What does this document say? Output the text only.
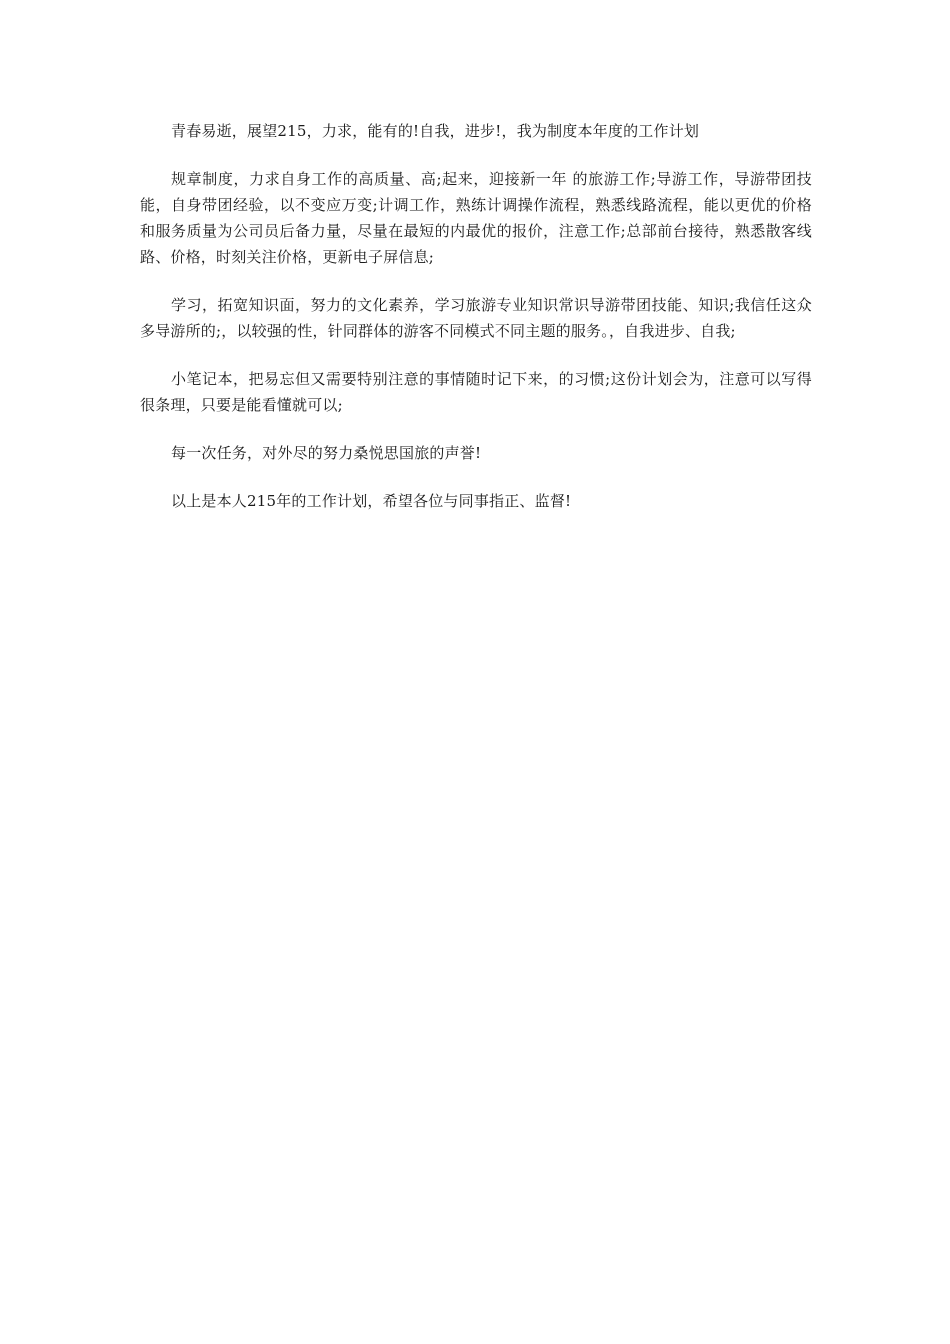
青春易逝，展望215，力求，能有的!自我，进步!，我为制度本年度的工作计划

规章制度，力求自身工作的高质量、高;起来，迎接新一年 的旅游工作;导游工作，导游带团技能，自身带团经验，以不变应万变;计调工作，熟练计调操作流程，熟悉线路流程，能以更优的价格和服务质量为公司员后备力量，尽量在最短的内最优的报价，注意工作;总部前台接待，熟悉散客线路、价格，时刻关注价格，更新电子屏信息;

学习，拓宽知识面，努力的文化素养，学习旅游专业知识常识导游带团技能、知识;我信任这众多导游所的;，以较强的性，针同群体的游客不同模式不同主题的服务。，自我进步、自我;

小笔记本，把易忘但又需要特别注意的事情随时记下来，的习惯;这份计划会为，注意可以写得很条理，只要是能看懂就可以;

每一次任务，对外尽的努力桑悦思国旅的声誉!

以上是本人215年的工作计划，希望各位与同事指正、监督!
